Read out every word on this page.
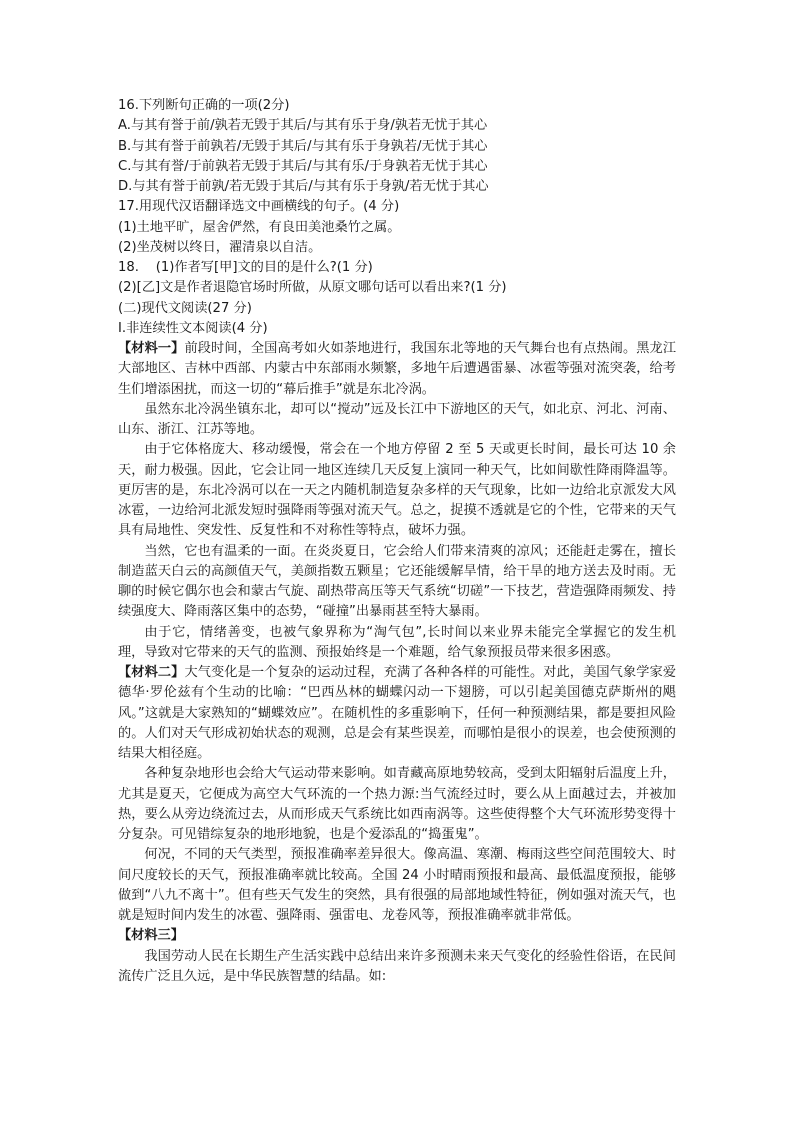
16.下列断句正确的一项(2分)
A.与其有誉于前/孰若无毁于其后/与其有乐于身/孰若无忧于其心
B.与其有誉于前孰若/无毁于其后/与其有乐于身孰若/无忧于其心
C.与其有誉/于前孰若无毁于其后/与其有乐/于身孰若无忧于其心
D.与其有誉于前孰/若无毁于其后/与其有乐于身孰/若无忧于其心
17.用现代汉语翻译选文中画横线的句子。(4 分)
(1)土地平旷，屋舍俨然，有良田美池桑竹之属。
(2)坐茂树以终日，濯清泉以自洁。
18.    (1)作者写[甲]文的目的是什么?(1 分)
(2)[乙]文是作者退隐官场时所做，从原文哪句话可以看出来?(1 分)
(二)现代文阅读(27 分)
I.非连续性文本阅读(4 分)
【材料一】前段时间，全国高考如火如荼地进行，我国东北等地的天气舞台也有点热闹。黑龙江大部地区、吉林中西部、内蒙古中东部雨水频繁，多地午后遭遇雷暴、冰雹等强对流突袭，给考生们增添困扰，而这一切的“幕后推手”就是东北冷涡。
虽然东北冷涡坐镇东北，却可以“搅动”远及长江中下游地区的天气，如北京、河北、河南、山东、浙江、江苏等地。
由于它体格庞大、移动缓慢，常会在一个地方停留 2 至 5 天或更长时间，最长可达 10 余天，耐力极强。因此，它会让同一地区连续几天反复上演同一种天气，比如间歇性降雨降温等。更厉害的是，东北冷涡可以在一天之内随机制造复杂多样的天气现象，比如一边给北京派发大风冰雹，一边给河北派发短时强降雨等强对流天气。总之，捉摸不透就是它的个性，它带来的天气具有局地性、突发性、反复性和不对称性等特点，破坏力强。
当然，它也有温柔的一面。在炎炎夏日，它会给人们带来清爽的凉风；还能赶走雾在，擅长制造蓝天白云的高颜值天气，美颜指数五颗星；它还能缓解旱情，给干旱的地方送去及时雨。无聊的时候它偶尔也会和蒙古气旋、副热带高压等天气系统“切磋”一下技艺，营造强降雨频发、持续强度大、降雨落区集中的态势，“碰撞”出暴雨甚至特大暴雨。
由于它，情绪善变，也被气象界称为“淘气包”,长时间以来业界未能完全掌握它的发生机理，导致对它带来的天气的监测、预报始终是一个难题，给气象预报员带来很多困惑。
【材料二】大气变化是一个复杂的运动过程，充满了各种各样的可能性。对此，美国气象学家爱德华·罗伦兹有个生动的比喻：“巴西丛林的蝴蝶闪动一下翅膀，可以引起美国德克萨斯州的飓风。”这就是大家熟知的“蝴蝶效应”。在随机性的多重影响下，任何一种预测结果，都是要担风险的。人们对天气形成初始状态的观测，总是会有某些误差，而哪怕是很小的误差，也会使预测的结果大相径庭。
各种复杂地形也会给大气运动带来影响。如青藏高原地势较高，受到太阳辐射后温度上升，尤其是夏天，它便成为高空大气环流的一个热力源:当气流经过时，要么从上面越过去，并被加热，要么从旁边绕流过去，从而形成天气系统比如西南涡等。这些使得整个大气环流形势变得十分复杂。可见错综复杂的地形地貌，也是个爱添乱的“捣蛋鬼”。
何况，不同的天气类型，预报准确率差异很大。像高温、寒潮、梅雨这些空间范围较大、时间尺度较长的天气，预报准确率就比较高。全国 24 小时晴雨预报和最高、最低温度预报，能够做到“八九不离十”。但有些天气发生的突然，具有很强的局部地域性特征，例如强对流天气，也就是短时间内发生的冰雹、强降雨、强雷电、龙卷风等，预报准确率就非常低。
【材料三】
我国劳动人民在长期生产生活实践中总结出来许多预测未来天气变化的经验性俗语，在民间流传广泛且久远，是中华民族智慧的结晶。如:
